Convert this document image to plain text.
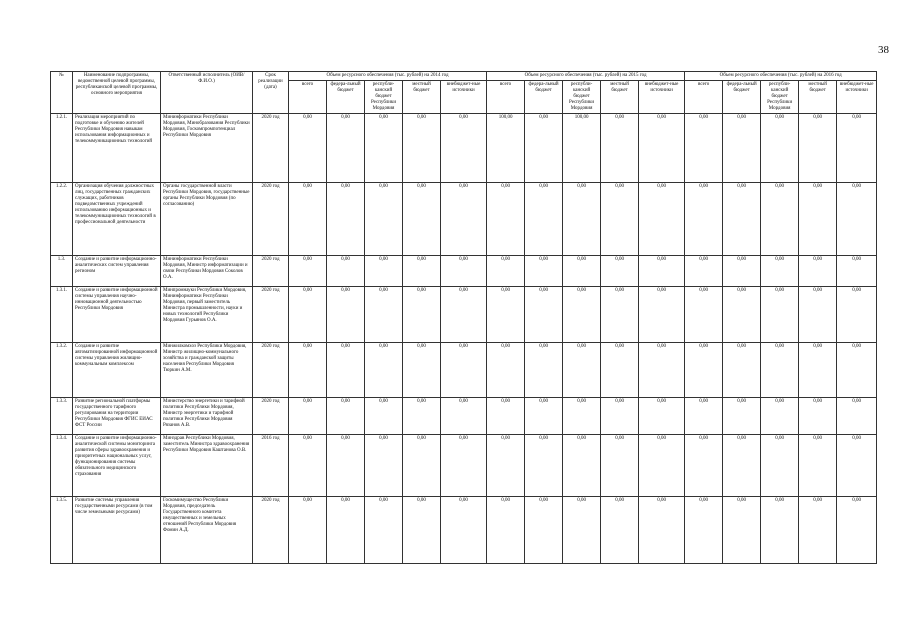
38
№	Наименование подпрограммы, ведомственной целевой программы, республиканской целевой программы, основного мероприятия	Ответственный исполнитель (ОИВ/Ф.И.О.)	Срок реализации (дата)	Объем ресурсного обеспечения (тыс. рублей) на 2014 год					Объем ресурсного обеспечения (тыс. рублей) на 2015 год					Объем ресурсного обеспечения (тыс. рублей) на 2016 год				
				всего	федера-льный бюджет	республи-канский бюджет Республики Мордовия	местный бюджет	внебюджет-ные источники	всего	федера-льный бюджет	республи-канский бюджет Республики Мордовия	местный бюджет	внебюджет-ные источники	всего	федера-льный бюджет	республи-канский бюджет Республики Мордовия	местный бюджет	внебюджет-ные источники
1.2.1.	Реализация мероприятий по подготовке и обучению жителей Республики Мордовия навыкам использования информационных и телекоммуникационных технологий	Мининформатики Республики Мордовия, Минобразования Республики Мордовия, Госкомпромпотенциал Республики Мордовия	2020 год	0,00	0,00	0,00	0,00	0,00	100,00	0,00	100,00	0,00	0,00	0,00	0,00	0,00	0,00	0,00
1.2.2.	Организация обучения должностных лиц, государственных гражданских служащих, работников подведомственных учреждений использованию информационных и телекоммуникационных технологий в профессиональной деятельности	Органы государственной власти Республики Мордовия, государственные органы Республики Мордовия (по согласованию)	2020 год	0,00	0,00	0,00	0,00	0,00	0,00	0,00	0,00	0,00	0,00	0,00	0,00	0,00	0,00	0,00
1.3.	Создание и развитие информационно-аналитических систем управления регионом	Мининформатики Республики Мордовия, Министр информатизации и связи Республики Мордовия Соколов О.А.	2020 год	0,00	0,00	0,00	0,00	0,00	0,00	0,00	0,00	0,00	0,00	0,00	0,00	0,00	0,00	0,00
1.3.1.	Создание и развитие информационной системы управления научно-инновационной деятельностью Республики Мордовия	Минпромнауки Республики Мордовия, Мининформатики Республики Мордовия, первый заместитель Министра промышленности, науки и новых технологий Республики Мордовия Гурьянов О.А.	2020 год	0,00	0,00	0,00	0,00	0,00	0,00	0,00	0,00	0,00	0,00	0,00	0,00	0,00	0,00	0,00
1.3.2.	Создание и развитие автоматизированной информационной системы управления жилищно-коммунальным комплексом	Минжилкомхоз Республики Мордовия, Министр жилищно-коммунального хозяйства и гражданской защиты населения Республики Мордовия Тюркин А.М.	2020 год	0,00	0,00	0,00	0,00	0,00	0,00	0,00	0,00	0,00	0,00	0,00	0,00	0,00	0,00	0,00
1.3.3.	Развитие региональной платформы государственного тарифного регулирования на территории Республики Мордовия ФГИС ЕИАС ФСТ России	Министерство энергетики и тарифной политики Республики Мордовия, Министр энергетики и тарифной политики Республики Мордовия Рязанов А.В.	2020 год	0,00	0,00	0,00	0,00	0,00	0,00	0,00	0,00	0,00	0,00	0,00	0,00	0,00	0,00	0,00
1.3.4.	Создание и развитие информационно-аналитической системы мониторинга развития сферы здравоохранения и приоритетных национальных услуг, функционирования системы обязательного медицинского страхования	Минздрав Республики Мордовия, заместитель Министра здравоохранения Республики Мордовия Каштанова О.В.	2016 год	0,00	0,00	0,00	0,00	0,00	0,00	0,00	0,00	0,00	0,00	0,00	0,00	0,00	0,00	0,00
1.3.5.	Развитие системы управления государственными ресурсами (в том числе земельными ресурсами)	Госкомимущество Республики Мордовия, председатель Государственного комитета имущественных и земельных отношений Республики Мордовия Фомин А.Д.	2020 год	0,00	0,00	0,00	0,00	0,00	0,00	0,00	0,00	0,00	0,00	0,00	0,00	0,00	0,00	0,00
